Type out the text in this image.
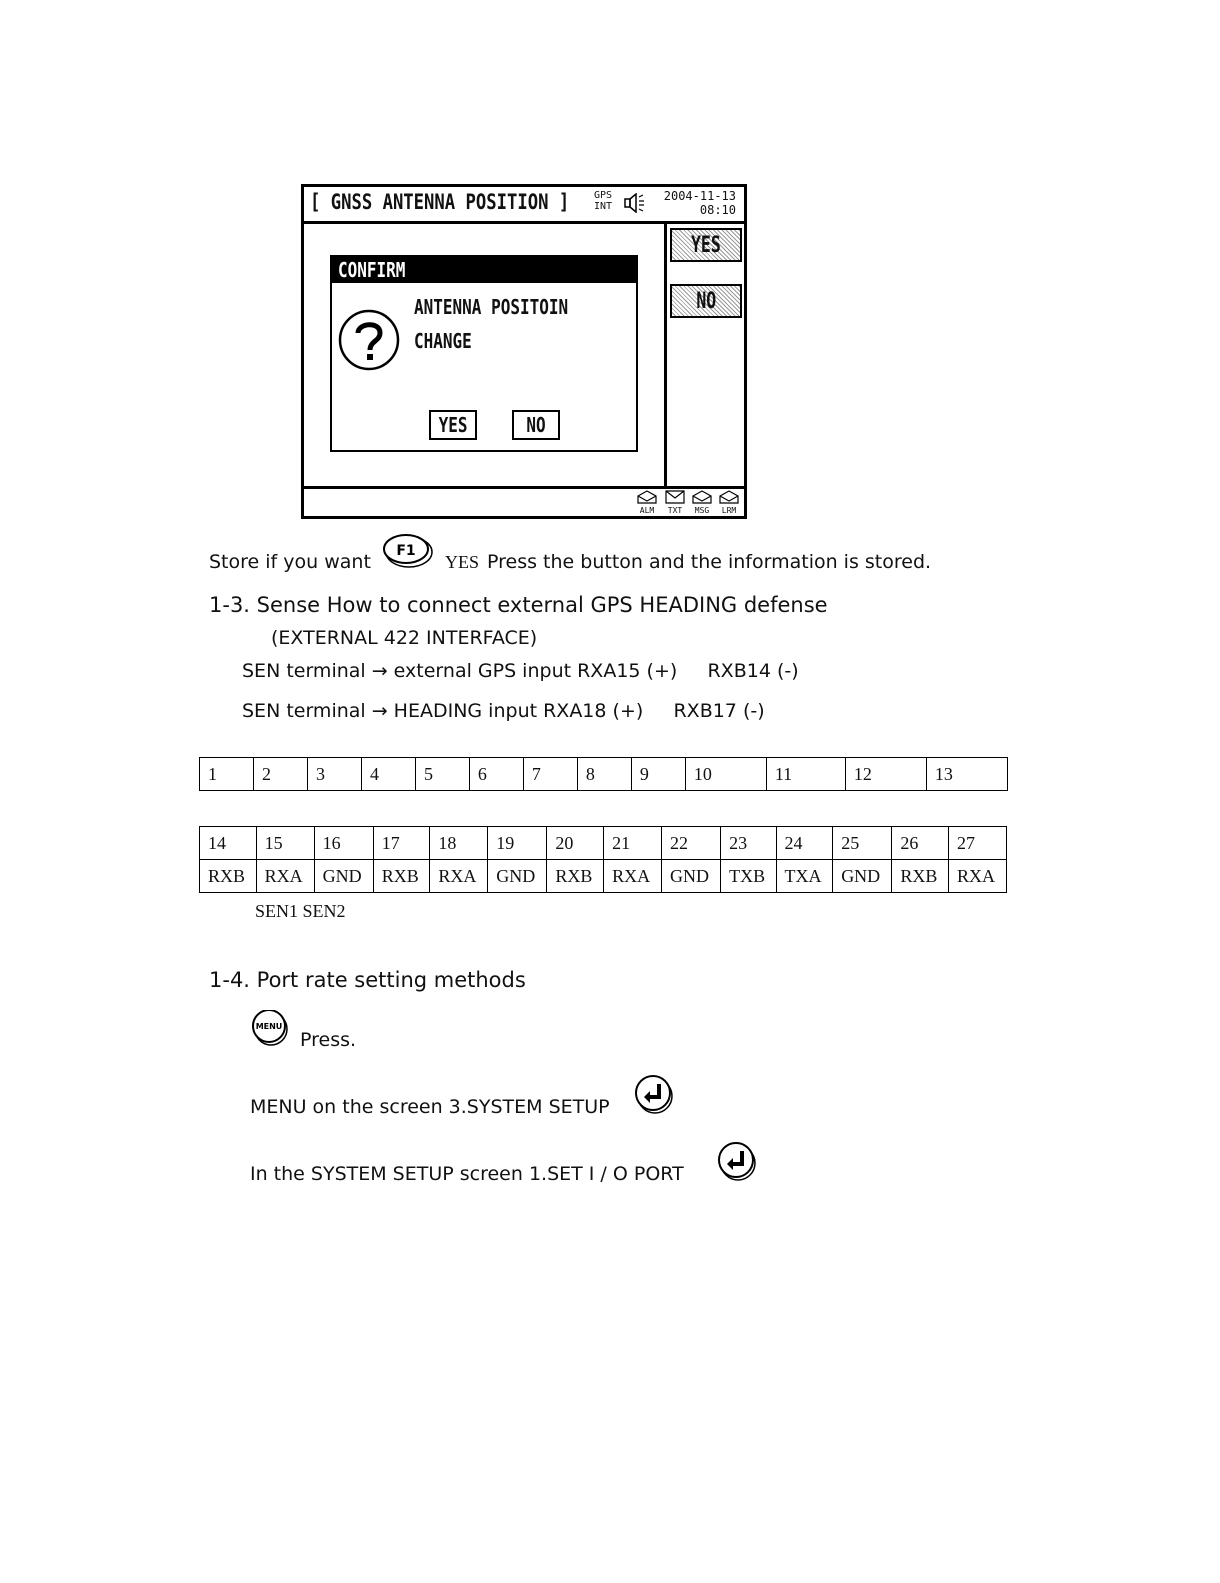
[ GNSS ANTENNA POSITION ] GPS
INT
2004-11-13
08:10
YES
NO
CONFIRM
ANTENNA POSITOIN
CHANGE
YES	NO
ALM	TXT	MSG	LRM
Store if you want F1
YES Press the button and the information is stored.
1-3. Sense How to connect external GPS HEADING defense
(EXTERNAL 422 INTERFACE)
SEN terminal → external GPS input RXA15 (+)     RXB14 (-)
SEN terminal → HEADING input RXA18 (+)     RXB17 (-)
1	2	3	4	5	6	7	8	9	10	11	12	13
14	15	16	17	18	19	20	21	22	23	24	25	26	27
RXB	RXA	GND	RXB	RXA	GND	RXB	RXA	GND	TXB	TXA	GND	RXB	RXA
SEN1 SEN2
1-4. Port rate setting methods
MENU
Press.
MENU on the screen 3.SYSTEM SETUP
In the SYSTEM SETUP screen 1.SET I / O PORT
